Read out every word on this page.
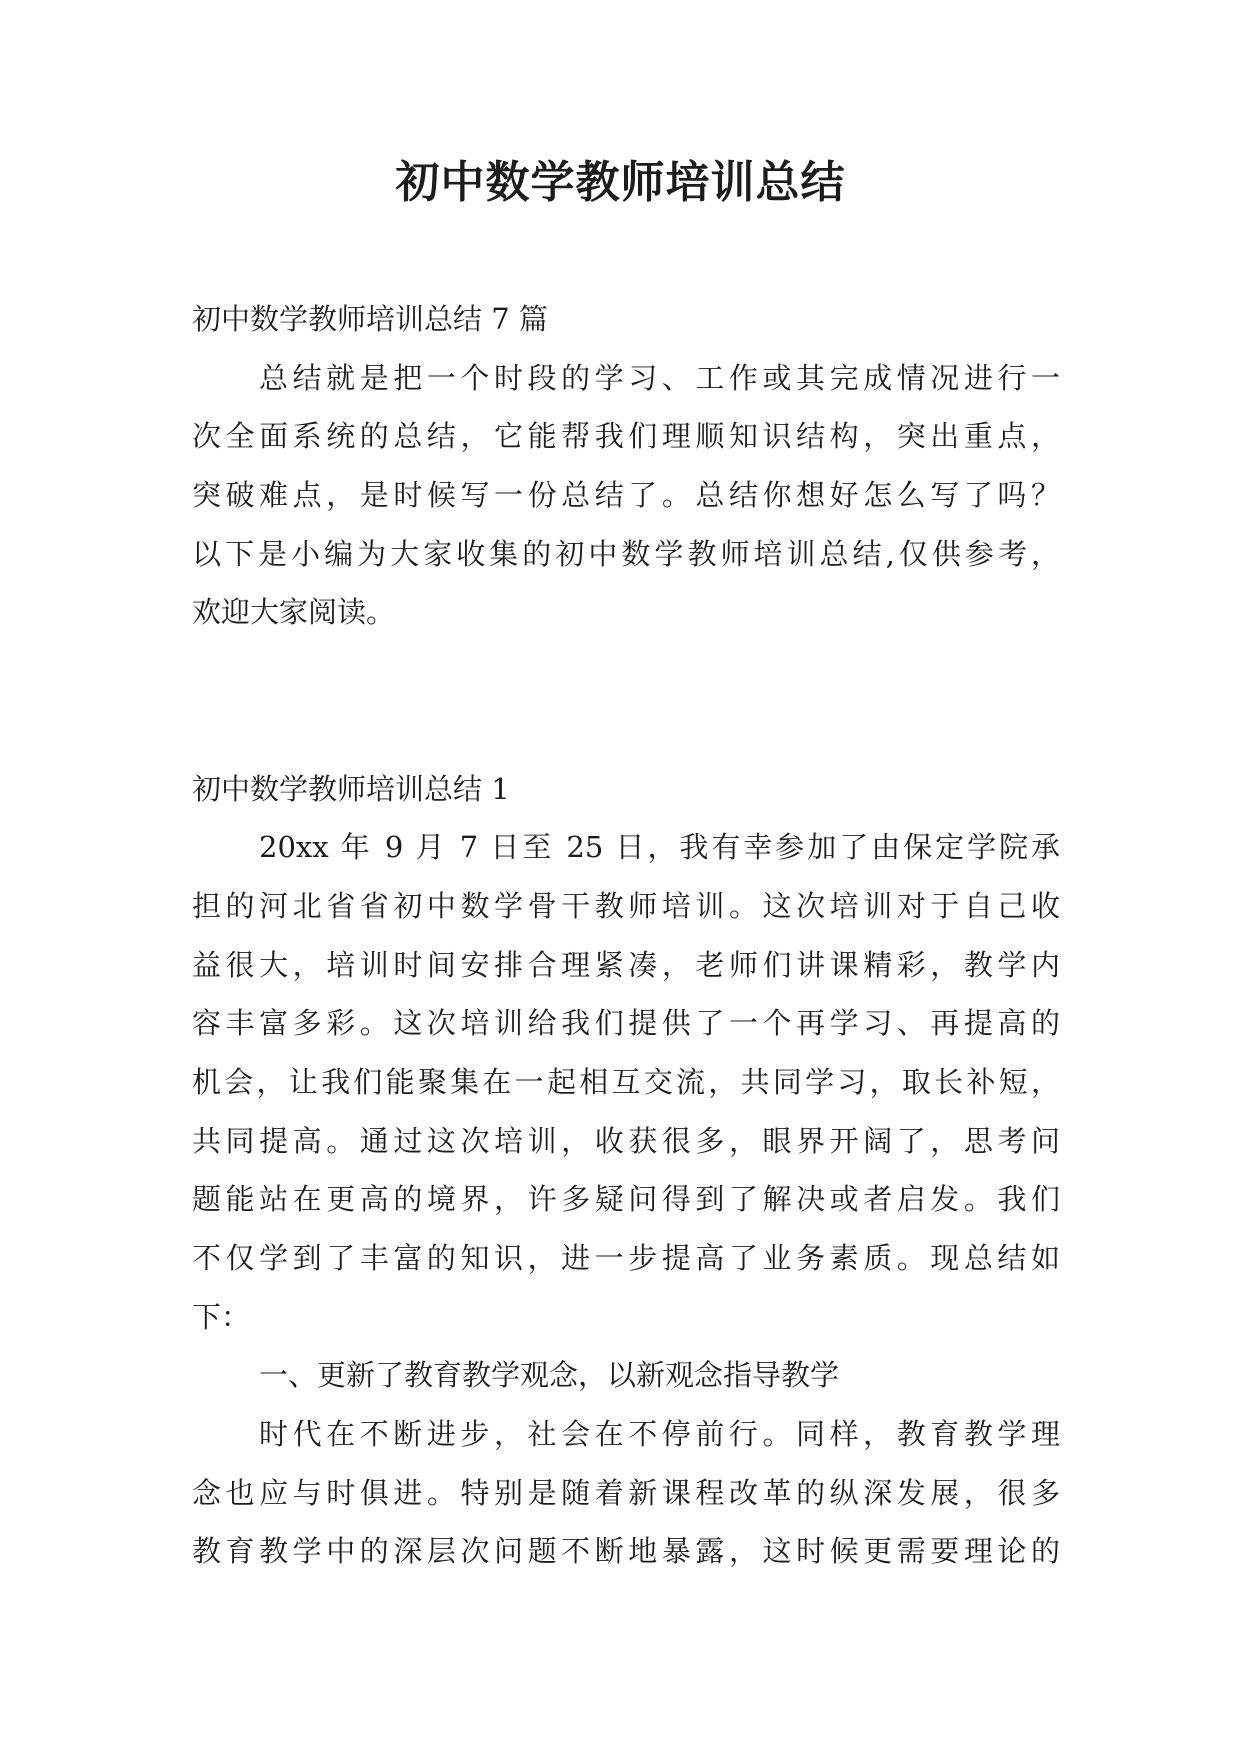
初中数学教师培训总结
初中数学教师培训总结 7 篇
总结就是把一个时段的学习、工作或其完成情况进行一
次全面系统的总结，它能帮我们理顺知识结构，突出重点，
突破难点，是时候写一份总结了。总结你想好怎么写了吗？
以下是小编为大家收集的初中数学教师培训总结,仅供参考，
欢迎大家阅读。
初中数学教师培训总结 1
20xx 年 9 月 7 日至 25 日，我有幸参加了由保定学院承
担的河北省省初中数学骨干教师培训。这次培训对于自己收
益很大，培训时间安排合理紧凑，老师们讲课精彩，教学内
容丰富多彩。这次培训给我们提供了一个再学习、再提高的
机会，让我们能聚集在一起相互交流，共同学习，取长补短，
共同提高。通过这次培训，收获很多，眼界开阔了，思考问
题能站在更高的境界，许多疑问得到了解决或者启发。我们
不仅学到了丰富的知识，进一步提高了业务素质。现总结如
下：
一、更新了教育教学观念，以新观念指导教学
时代在不断进步，社会在不停前行。同样，教育教学理
念也应与时俱进。特别是随着新课程改革的纵深发展，很多
教育教学中的深层次问题不断地暴露，这时候更需要理论的
